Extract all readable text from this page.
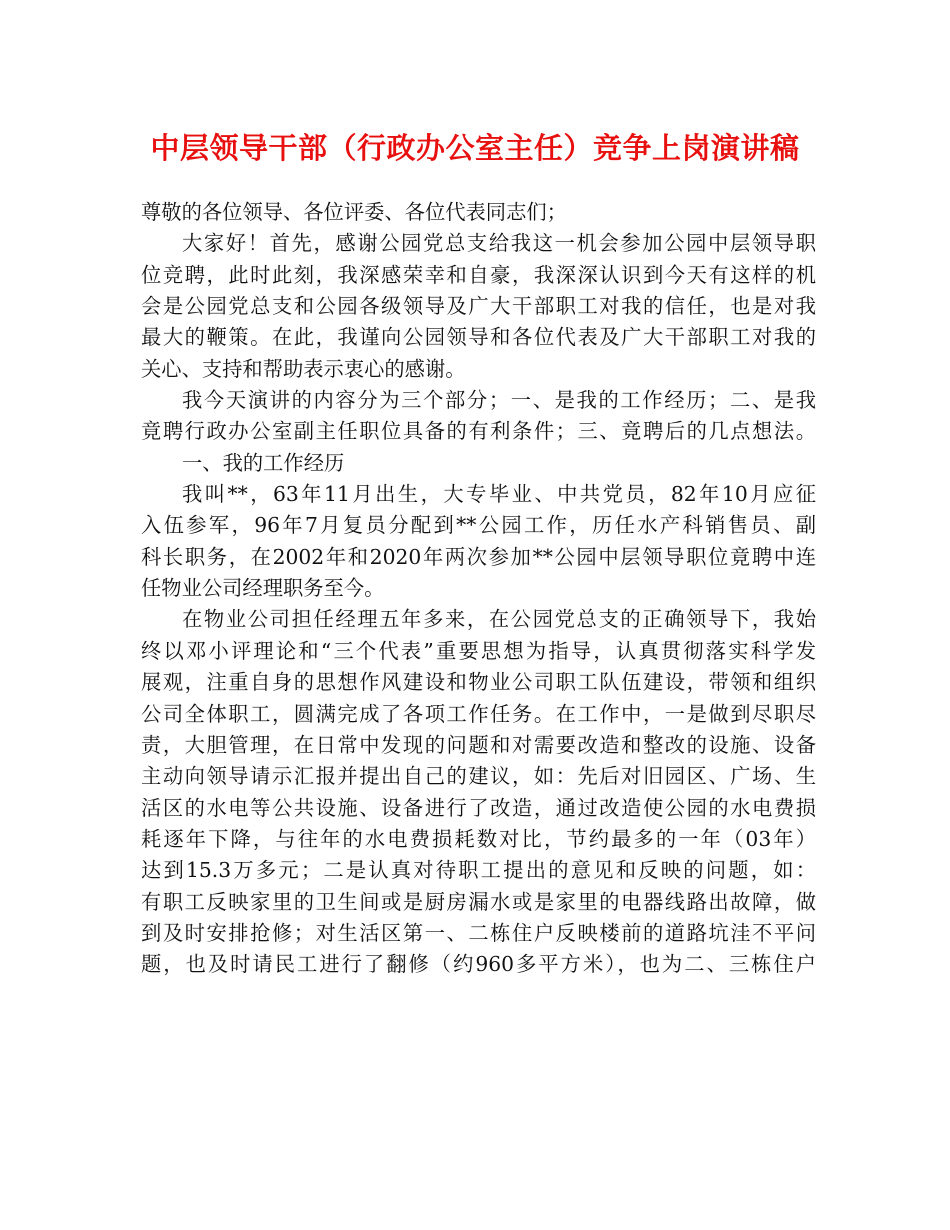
中层领导干部（行政办公室主任）竞争上岗演讲稿
尊敬的各位领导、各位评委、各位代表同志们；
大家好！首先，感谢公园党总支给我这一机会参加公园中层领导职
位竞聘，此时此刻，我深感荣幸和自豪，我深深认识到今天有这样的机
会是公园党总支和公园各级领导及广大干部职工对我的信任，也是对我
最大的鞭策。在此，我谨向公园领导和各位代表及广大干部职工对我的
关心、支持和帮助表示衷心的感谢。
我今天演讲的内容分为三个部分；一、是我的工作经历；二、是我
竟聘行政办公室副主任职位具备的有利条件；三、竟聘后的几点想法。
一、我的工作经历
我叫**，63年11月出生，大专毕业、中共党员，82年10月应征
入伍参军，96年7月复员分配到**公园工作，历任水产科销售员、副
科长职务，在2002年和2020年两次参加**公园中层领导职位竟聘中连
任物业公司经理职务至今。
在物业公司担任经理五年多来，在公园党总支的正确领导下，我始
终以邓小评理论和“三个代表”重要思想为指导，认真贯彻落实科学发
展观，注重自身的思想作风建设和物业公司职工队伍建设，带领和组织
公司全体职工，圆满完成了各项工作任务。在工作中，一是做到尽职尽
责，大胆管理，在日常中发现的问题和对需要改造和整改的设施、设备
主动向领导请示汇报并提出自己的建议，如：先后对旧园区、广场、生
活区的水电等公共设施、设备进行了改造，通过改造使公园的水电费损
耗逐年下降，与往年的水电费损耗数对比，节约最多的一年（03年）
达到15.3万多元；二是认真对待职工提出的意见和反映的问题，如：
有职工反映家里的卫生间或是厨房漏水或是家里的电器线路出故障，做
到及时安排抢修；对生活区第一、二栋住户反映楼前的道路坑洼不平问
题，也及时请民工进行了翻修（约960多平方米），也为二、三栋住户
